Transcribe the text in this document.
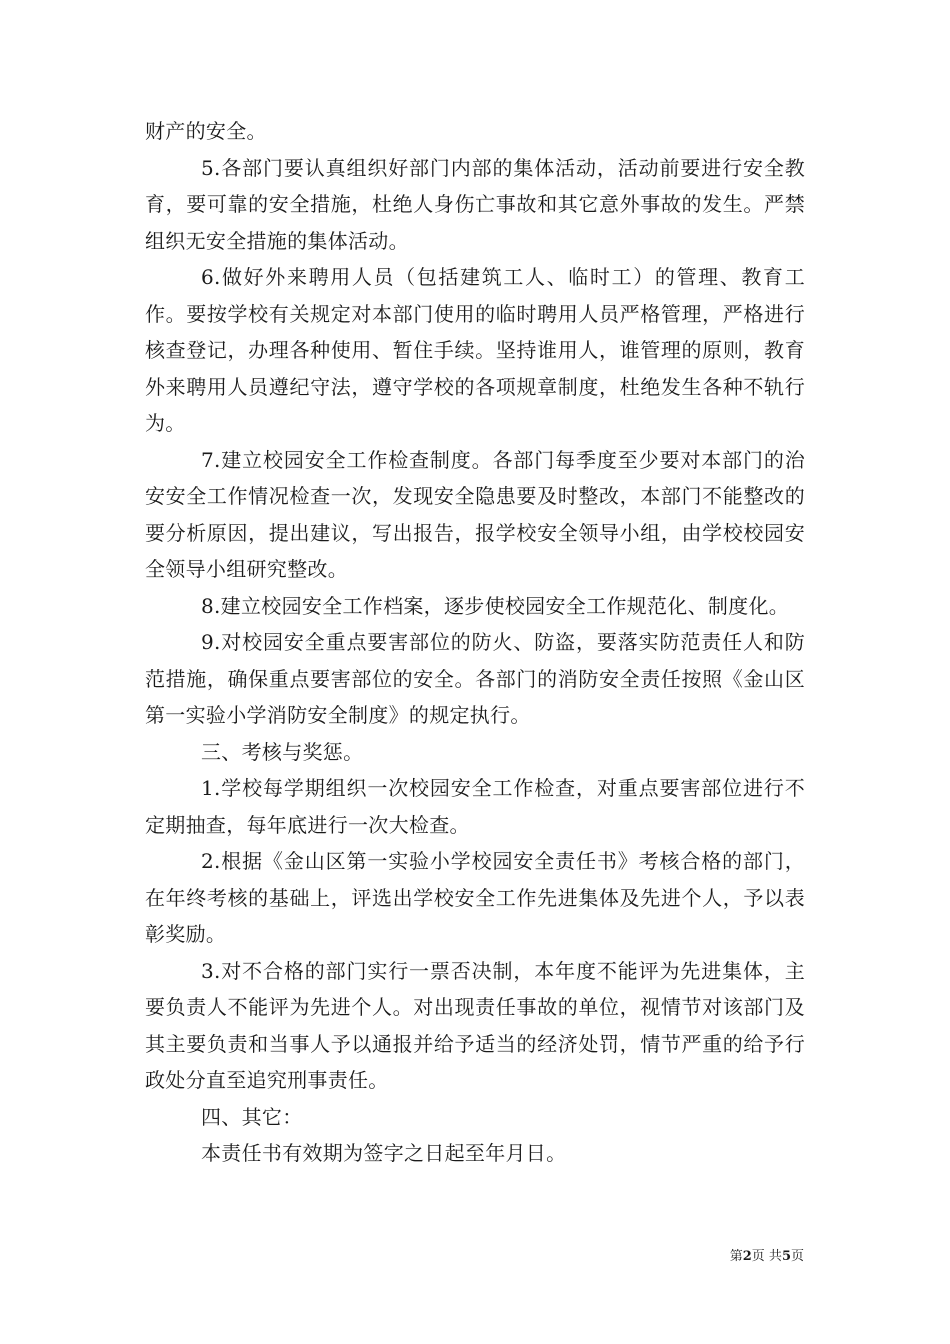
财产的安全。

5.各部门要认真组织好部门内部的集体活动，活动前要进行安全教育，要可靠的安全措施，杜绝人身伤亡事故和其它意外事故的发生。严禁组织无安全措施的集体活动。

6.做好外来聘用人员（包括建筑工人、临时工）的管理、教育工作。要按学校有关规定对本部门使用的临时聘用人员严格管理，严格进行核查登记，办理各种使用、暂住手续。坚持谁用人，谁管理的原则，教育外来聘用人员遵纪守法，遵守学校的各项规章制度，杜绝发生各种不轨行为。

7.建立校园安全工作检查制度。各部门每季度至少要对本部门的治安安全工作情况检查一次，发现安全隐患要及时整改，本部门不能整改的要分析原因，提出建议，写出报告，报学校安全领导小组，由学校校园安全领导小组研究整改。

8.建立校园安全工作档案，逐步使校园安全工作规范化、制度化。

9.对校园安全重点要害部位的防火、防盗，要落实防范责任人和防范措施，确保重点要害部位的安全。各部门的消防安全责任按照《金山区第一实验小学消防安全制度》的规定执行。

三、考核与奖惩。

1.学校每学期组织一次校园安全工作检查，对重点要害部位进行不定期抽查，每年底进行一次大检查。

2.根据《金山区第一实验小学校园安全责任书》考核合格的部门，在年终考核的基础上，评选出学校安全工作先进集体及先进个人，予以表彰奖励。

3.对不合格的部门实行一票否决制，本年度不能评为先进集体，主要负责人不能评为先进个人。对出现责任事故的单位，视情节对该部门及其主要负责和当事人予以通报并给予适当的经济处罚，情节严重的给予行政处分直至追究刑事责任。

四、其它：

本责任书有效期为签字之日起至年月日。

第2页 共5页
